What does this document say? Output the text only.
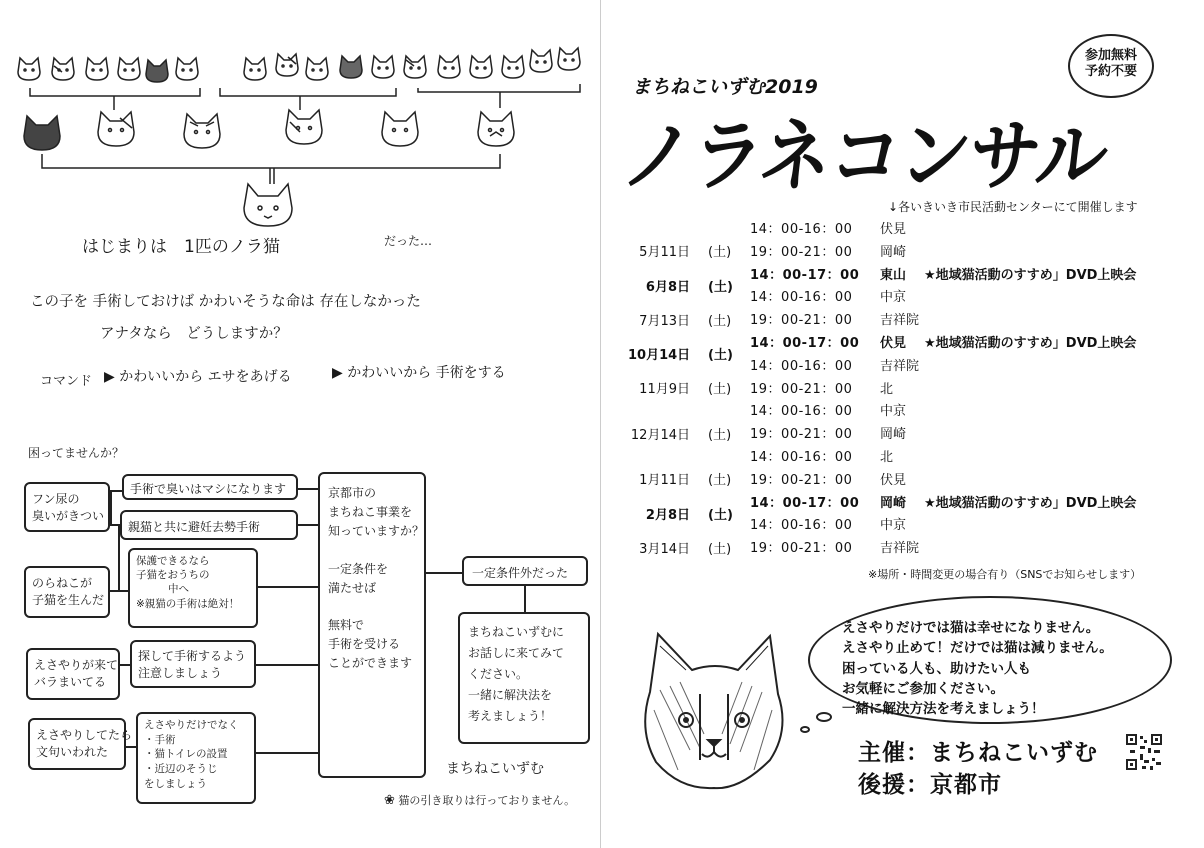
はじまりは　1匹のノラ猫	だった…
この子を 手術しておけば かわいそうな命は 存在しなかった
アナタなら　どうしますか？
コマンド ▶ かわいいから エサをあげる	▶ かわいいから 手術をする
困ってませんか？
フン尿の
臭いがきつい
のらねこが
子猫を生んだ
えさやりが来て
バラまいてる
えさやりしてたら
文句いわれた
手術で臭いはマシになります
親猫と共に避妊去勢手術
保護できるなら
子猫をおうちの
中へ
※親猫の手術は絶対！
探して手術するよう
注意しましょう
えさやりだけでなく
・手術
・猫トイレの設置
・近辺のそうじ
をしましょう
京都市の
まちねこ事業を
知っていますか？
一定条件を
満たせば
無料で
手術を受ける
ことができます
一定条件外だった
まちねこいずむに
お話しに来てみて
ください。
一緒に解決法を
考えましょう！
まちねこいずむ
❀ 猫の引き取りは行っておりません。
まちねこいずむ2019
参加無料
予約不要
ノラネコンサル
↓各いきいき市民活動センターにて開催します
5月11日 (土)
14：00-16：00 伏見
19：00-21：00 岡崎
6月8日 (土)
14：00-17：00 東山 ★地域猫活動のすすめ」DVD上映会
7月13日 (土)
14：00-16：00 中京
19：00-21：00 吉祥院
10月14日 (土)
14：00-17：00 伏見 ★地域猫活動のすすめ」DVD上映会
11月9日 (土)
14：00-16：00 吉祥院
19：00-21：00 北
12月14日 (土)
14：00-16：00 中京
19：00-21：00 岡崎
1月11日 (土)
14：00-16：00 北
19：00-21：00 伏見
2月8日 (土)
14：00-17：00 岡崎 ★地域猫活動のすすめ」DVD上映会
3月14日 (土)
14：00-16：00 中京
19：00-21：00 吉祥院
※場所・時間変更の場合有り（SNSでお知らせします）
えさやりだけでは猫は幸せになりません。
えさやり止めて！だけでは猫は減りません。
困っている人も、助けたい人も
お気軽にご参加ください。
一緒に解決方法を考えましょう！
主催：まちねこいずむ
後援：京都市
